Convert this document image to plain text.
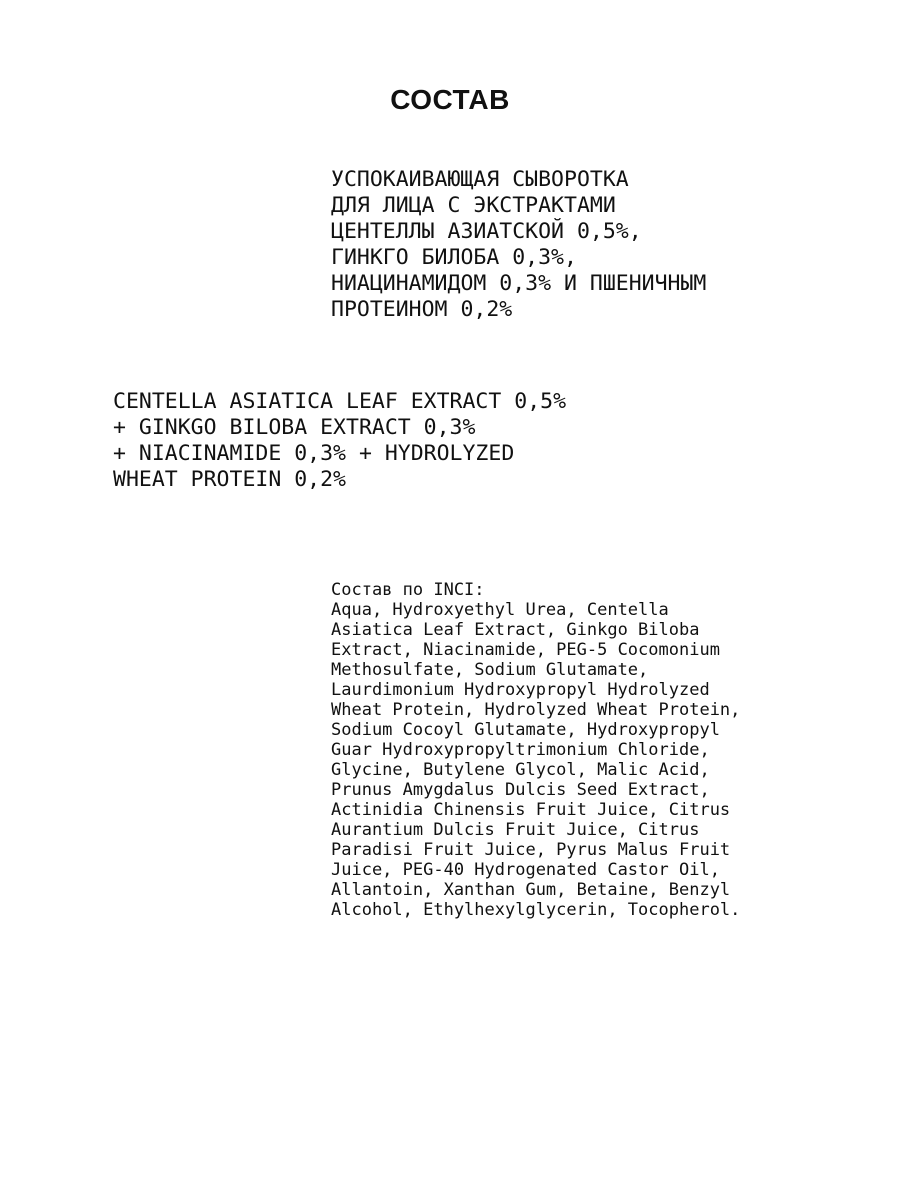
СОСТАВ

УСПОКАИВАЮЩАЯ СЫВОРОТКА
ДЛЯ ЛИЦА С ЭКСТРАКТАМИ
ЦЕНТЕЛЛЫ АЗИАТСКОЙ 0,5%,
ГИНКГО БИЛОБА 0,3%,
НИАЦИНАМИДОМ 0,3% И ПШЕНИЧНЫМ
ПРОТЕИНОМ 0,2%

CENTELLA ASIATICA LEAF EXTRACT 0,5%
+ GINKGO BILOBA EXTRACT 0,3%
+ NIACINAMIDE 0,3% + HYDROLYZED
WHEAT PROTEIN 0,2%

Состав по INCI:

Aqua, Hydroxyethyl Urea, Centella
Asiatica Leaf Extract, Ginkgo Biloba
Extract, Niacinamide, PEG-5 Cocomonium
Methosulfate, Sodium Glutamate,
Laurdimonium Hydroxypropyl Hydrolyzed
Wheat Protein, Hydrolyzed Wheat Protein,
Sodium Cocoyl Glutamate, Hydroxypropyl
Guar Hydroxypropyltrimonium Chloride,
Glycine, Butylene Glycol, Malic Acid,
Prunus Amygdalus Dulcis Seed Extract,
Actinidia Chinensis Fruit Juice, Citrus
Aurantium Dulcis Fruit Juice, Citrus
Paradisi Fruit Juice, Pyrus Malus Fruit
Juice, PEG-40 Hydrogenated Castor Oil,
Allantoin, Xanthan Gum, Betaine, Benzyl
Alcohol, Ethylhexylglycerin, Tocopherol.
